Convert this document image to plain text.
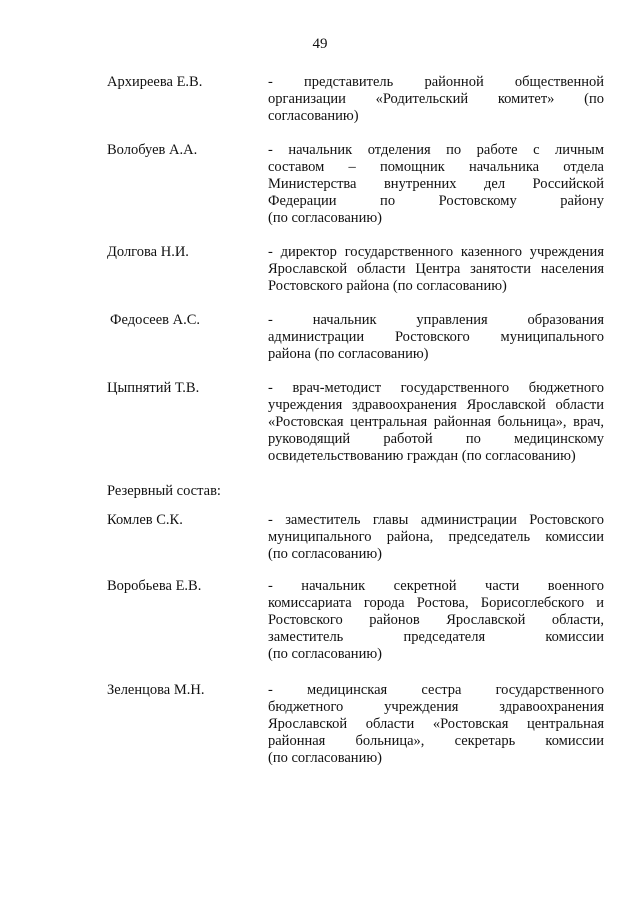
49
Архиреева Е.В.	- представитель районной общественной
организации «Родительский комитет» (по
согласованию)
Волобуев А.А.	- начальник отделения по работе с личным
составом – помощник начальника отдела
Министерства внутренних дел Российской
Федерации по Ростовскому району
(по согласованию)
Долгова Н.И.	- директор государственного казенного учреждения
Ярославской области Центра занятости населения
Ростовского района (по согласованию)
Федосеев А.С.	- начальник управления образования
администрации Ростовского муниципального
района (по согласованию)
Цыпнятий Т.В.	- врач-методист государственного бюджетного
учреждения здравоохранения Ярославской области
«Ростовская центральная районная больница», врач,
руководящий работой по медицинскому
освидетельствованию граждан (по согласованию)
Резервный состав:
Комлев С.К.	- заместитель главы администрации Ростовского
муниципального района, председатель комиссии
(по согласованию)
Воробьева Е.В.	- начальник секретной части военного
комиссариата города Ростова, Борисоглебского и
Ростовского районов Ярославской области,
заместитель председателя комиссии
(по согласованию)
Зеленцова М.Н.	- медицинская сестра государственного
бюджетного учреждения здравоохранения
Ярославской области «Ростовская центральная
районная больница», секретарь комиссии
(по согласованию)
